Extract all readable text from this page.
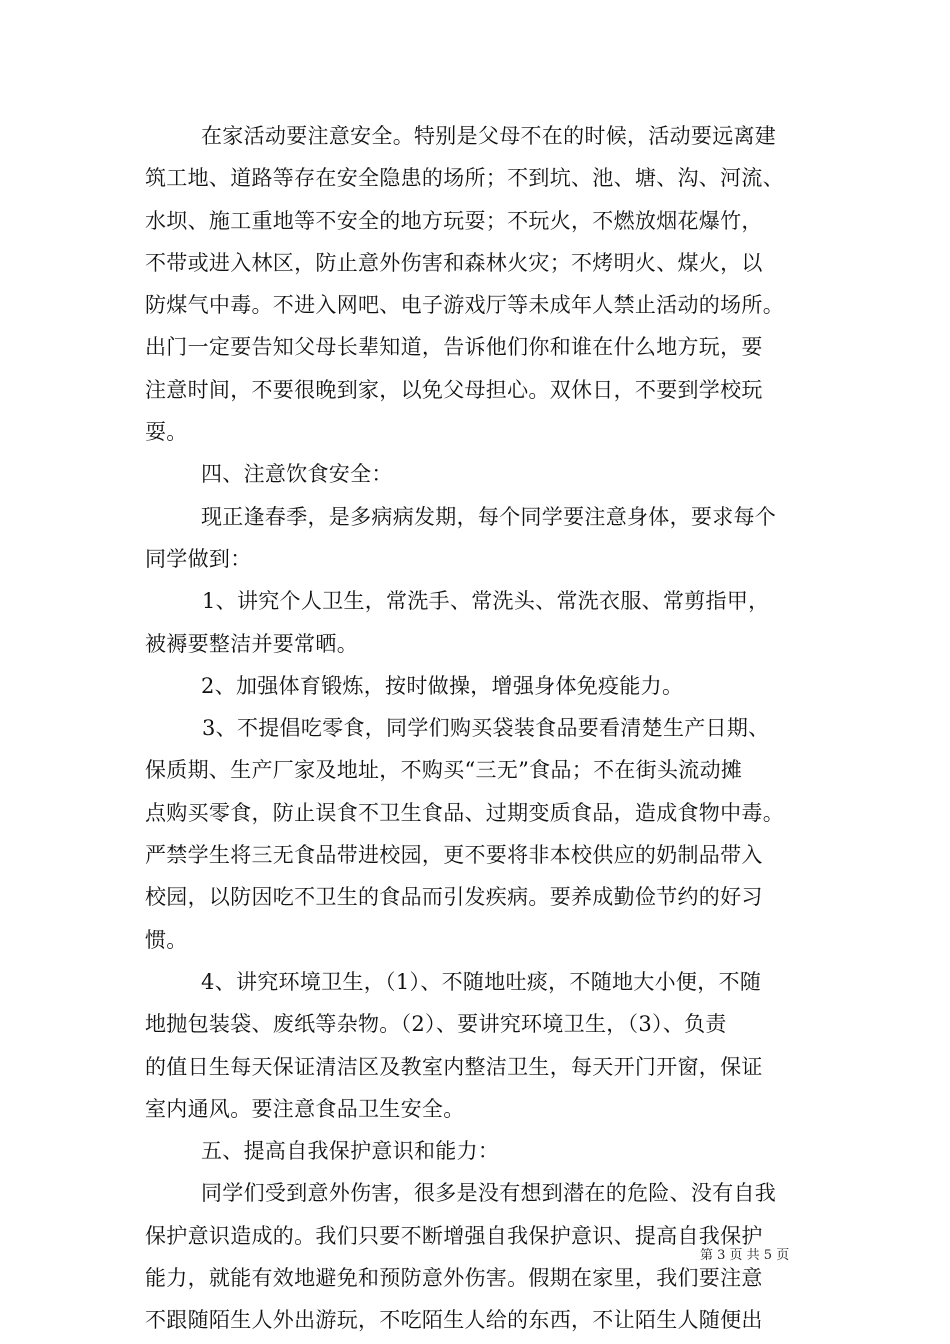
在家活动要注意安全。特别是父母不在的时候，活动要远离建
筑工地、道路等存在安全隐患的场所；不到坑、池、塘、沟、河流、
水坝、施工重地等不安全的地方玩耍；不玩火，不燃放烟花爆竹，
不带或进入林区，防止意外伤害和森林火灾；不烤明火、煤火，以
防煤气中毒。不进入网吧、电子游戏厅等未成年人禁止活动的场所。
出门一定要告知父母长辈知道，告诉他们你和谁在什么地方玩，要
注意时间，不要很晚到家，以免父母担心。双休日，不要到学校玩
耍。
四、注意饮食安全：
现正逢春季，是多病病发期，每个同学要注意身体，要求每个
同学做到：
1、讲究个人卫生，常洗手、常洗头、常洗衣服、常剪指甲，
被褥要整洁并要常晒。
2、加强体育锻炼，按时做操，增强身体免疫能力。
3、不提倡吃零食，同学们购买袋装食品要看清楚生产日期、
保质期、生产厂家及地址，不购买“三无”食品；不在街头流动摊
点购买零食，防止误食不卫生食品、过期变质食品，造成食物中毒。
严禁学生将三无食品带进校园，更不要将非本校供应的奶制品带入
校园，以防因吃不卫生的食品而引发疾病。要养成勤俭节约的好习
惯。
4、讲究环境卫生，（1）、不随地吐痰，不随地大小便，不随
地抛包装袋、废纸等杂物。（2）、要讲究环境卫生，（3）、负责
的值日生每天保证清洁区及教室内整洁卫生，每天开门开窗，保证
室内通风。要注意食品卫生安全。
五、提高自我保护意识和能力：
同学们受到意外伤害，很多是没有想到潜在的危险、没有自我
保护意识造成的。我们只要不断增强自我保护意识、提高自我保护
能力，就能有效地避免和预防意外伤害。假期在家里，我们要注意
不跟随陌生人外出游玩，不吃陌生人给的东西，不让陌生人随便出
第 3 页 共 5 页
